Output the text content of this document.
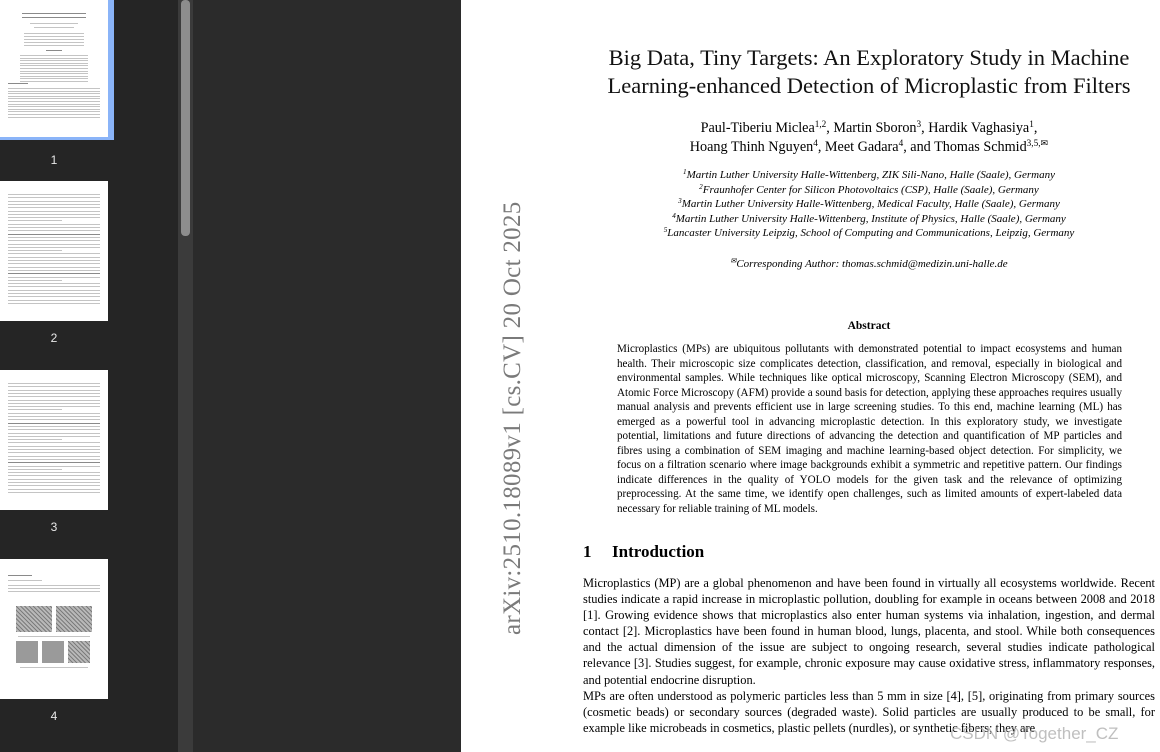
1
2
3
4
arXiv:2510.18089v1 [cs.CV] 20 Oct 2025
Big Data, Tiny Targets: An Exploratory Study in Machine
Learning-enhanced Detection of Microplastic from Filters
Paul-Tiberiu Miclea$^{1,2}$, Martin Sboron$^3$, Hardik Vaghasiya$^1$,
Hoang Thinh Nguyen$^4$, Meet Gadara$^4$, and Thomas Schmid$^{3,5,✉}$
$^1$Martin Luther University Halle-Wittenberg, ZIK Sili-Nano, Halle (Saale), Germany
$^2$Fraunhofer Center for Silicon Photovoltaics (CSP), Halle (Saale), Germany
$^3$Martin Luther University Halle-Wittenberg, Medical Faculty, Halle (Saale), Germany
$^4$Martin Luther University Halle-Wittenberg, Institute of Physics, Halle (Saale), Germany
$^5$Lancaster University Leipzig, School of Computing and Communications, Leipzig, Germany
✉Corresponding Author: thomas.schmid@medizin.uni-halle.de
Abstract
Microplastics (MPs) are ubiquitous pollutants with demonstrated potential to impact ecosystems and human health. Their microscopic size complicates detection, classification, and removal, especially in biological and environmental samples. While techniques like optical microscopy, Scanning Electron Microscopy (SEM), and Atomic Force Microscopy (AFM) provide a sound basis for detection, applying these approaches requires usually manual analysis and prevents efficient use in large screening studies. To this end, machine learning (ML) has emerged as a powerful tool in advancing microplastic detection. In this exploratory study, we investigate potential, limitations and future directions of advancing the detection and quantification of MP particles and fibres using a combination of SEM imaging and machine learning-based object detection. For simplicity, we focus on a filtration scenario where image backgrounds exhibit a symmetric and repetitive pattern. Our findings indicate differences in the quality of YOLO models for the given task and the relevance of optimizing preprocessing. At the same time, we identify open challenges, such as limited amounts of expert-labeled data necessary for reliable training of ML models.
1 Introduction

Microplastics (MP) are a global phenomenon and have been found in virtually all ecosystems worldwide. Recent studies indicate a rapid increase in microplastic pollution, doubling for example in oceans between 2008 and 2018 [1]. Growing evidence shows that microplastics also enter human systems via inhalation, ingestion, and dermal contact [2]. Microplastics have been found in human blood, lungs, placenta, and stool. While both consequences and the actual dimension of the issue are subject to ongoing research, several studies indicate pathological relevance [3]. Studies suggest, for example, chronic exposure may cause oxidative stress, inflammatory responses, and potential endocrine disruption.

MPs are often understood as polymeric particles less than 5 mm in size [4], [5], originating from primary sources (cosmetic beads) or secondary sources (degraded waste). Solid particles are usually produced to be small, for example like microbeads in cosmetics, plastic pellets (nurdles), or synthetic fibers; they are

CSDN @Together_CZ
